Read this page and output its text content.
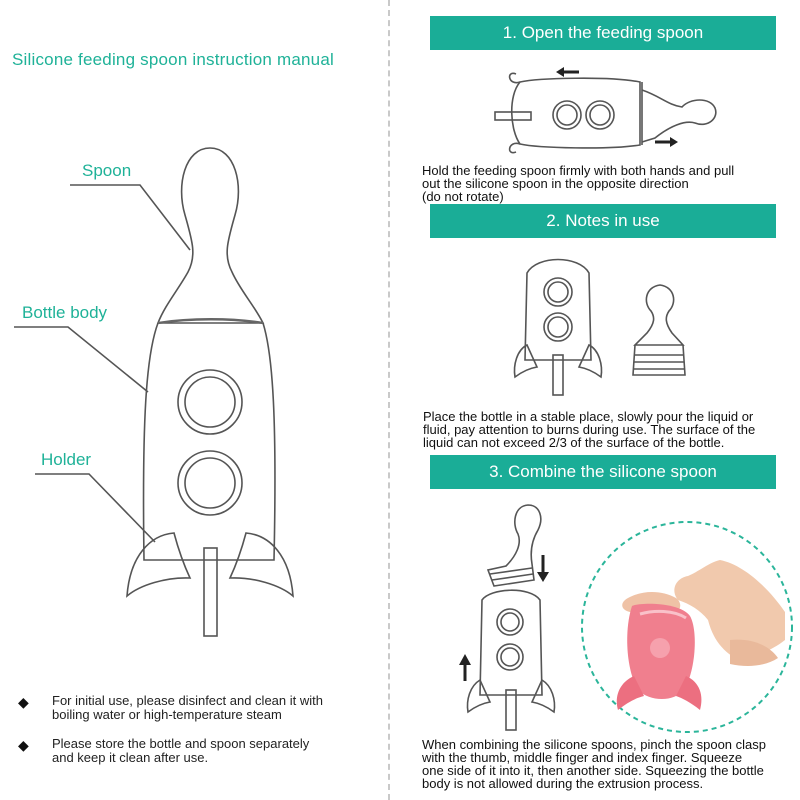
Silicone feeding spoon instruction manual
Spoon
Bottle body
Holder
◆ For initial use, please disinfect and clean it with
boiling water or high-temperature steam
◆ Please store the bottle and spoon separately
and keep it clean after use.
1. Open the feeding spoon
Hold the feeding spoon firmly with both hands and pull
out the silicone spoon in the opposite direction
(do not rotate)
2. Notes in use
Place the bottle in a stable place, slowly pour the liquid or
fluid, pay attention to burns during use. The surface of the
liquid can not exceed 2/3 of the surface of the bottle.
3. Combine the silicone spoon
When combining the silicone spoons, pinch the spoon clasp
with the thumb, middle finger and index finger. Squeeze
one side of it into it, then another side. Squeezing the bottle
body is not allowed during the extrusion process.
